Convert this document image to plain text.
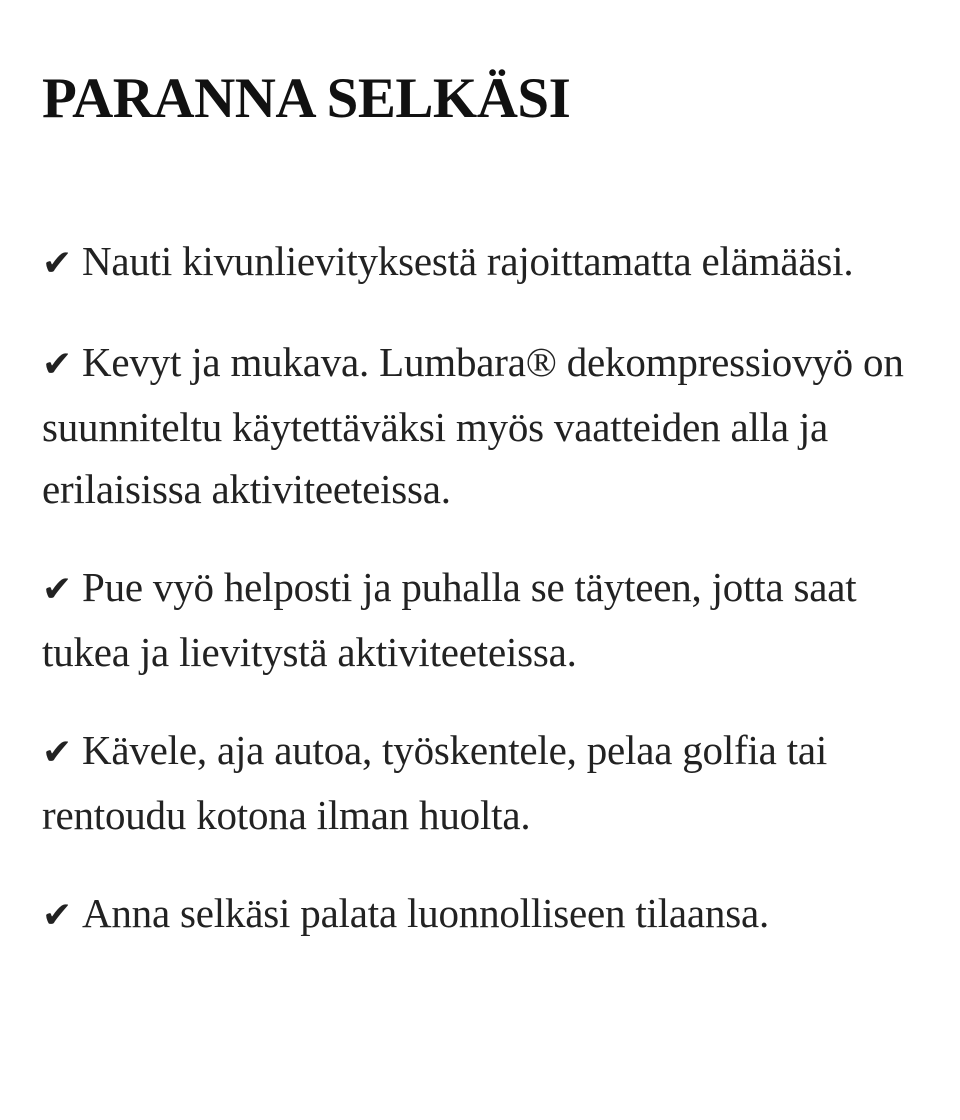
PARANNA SELKÄSI

✔ Nauti kivunlievityksestä rajoittamatta elämääsi.

✔ Kevyt ja mukava. Lumbara® dekompressiovyö on suunniteltu käytettäväksi myös vaatteiden alla ja erilaisissa aktiviteeteissa.

✔ Pue vyö helposti ja puhalla se täyteen, jotta saat tukea ja lievitystä aktiviteeteissa.

✔ Kävele, aja autoa, työskentele, pelaa golfia tai rentoudu kotona ilman huolta.

✔ Anna selkäsi palata luonnolliseen tilaansa.
